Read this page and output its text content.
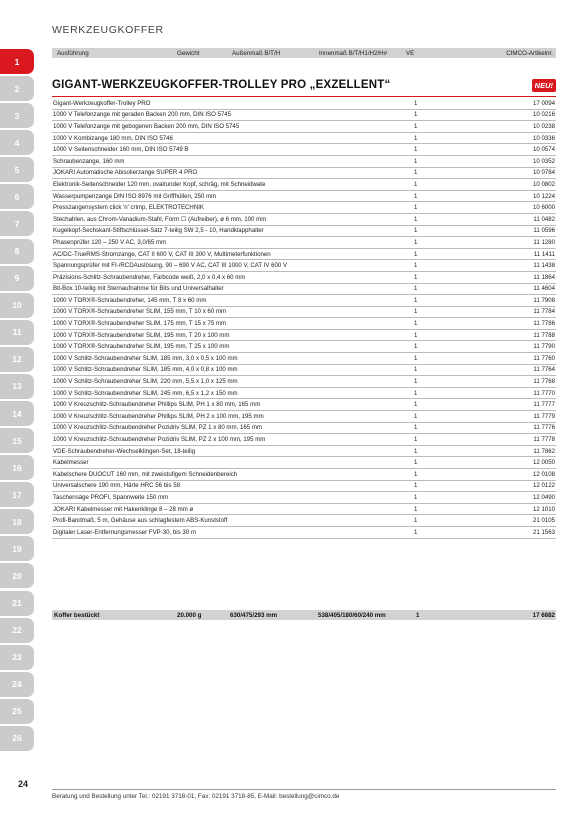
WERKZEUGKOFFER
1
2
3
4
5
6
7
8
9
10
11
12
13
14
15
16
17
18
19
20
21
22
23
24
25
26
Ausführung	Gewicht	Außenmaß B/T/H	Innenmaß B/T/H1/H2/H#	VE	CIMCO-Artikelnr.
GIGANT-WERKZEUGKOFFER-TROLLEY PRO „EXZELLENT“	NEU!
Gigant-Werkzeugkoffer-Trolley PRO	1	17 0094
1000 V Telefonzange mit geraden Backen 200 mm, DIN ISO 5745	1	10 0216
1000 V Telefonzange mit gebogenen Backen 200 mm, DIN ISO 5745	1	10 0238
1000 V Kombizange 180 mm, DIN ISO 5746	1	10 0336
1000 V Seitenschneider 160 mm, DIN ISO 5749 B	1	10 0574
Schraubenzange, 160 mm	1	10 0352
JOKARI Automatische Abisolierzange SUPER 4 PRO	1	10 0784
Elektronik-Seitenschneider 120 mm, ovalrunder Kopf, schräg, mit Schneidwate	1	10 0802
Wasserpumpenzange DIN ISO 8976 mit Griffhüllen, 250 mm	1	10 1224
Presszangensystem click 'n' crimp, ELEKTROTECHNIK	1	10 6000
Stechahlen, aus Chrom-Vanadium-Stahl, Form ☐ (Aufreiber), ø 6 mm, 100 mm	1	11 0482
Kugelkopf-Sechskant-Stiftschlüssel-Satz 7-teilig SW 2,5 - 10, Handklapphalter	1	11 0596
Phasenprüfer 120 – 250 V AC, 3,0/65 mm	1	11 1280
AC/DC-TrueRMS-Stromzange, CAT II 600 V, CAT III 300 V, Multimeterfunktionen	1	11 1411
Spannungsprüfer mit FI-/RCDAuslösung, 90 – 690 V AC, CAT III 1000 V, CAT IV 600 V	1	11 1438
Präzisions-Schlitz-Schraubendreher, Farbcode weiß, 2,0 x 0,4 x 60 mm	1	11 1864
Bit-Box 10-teilig mit Sternaufnahme für Bits und Universalhalter	1	11 4604
1000 V TORX®-Schraubendreher, 145 mm, T 8 x 60 mm	1	11 7908
1000 V TORX®-Schraubendreher SLIM, 155 mm, T 10 x 60 mm	1	11 7784
1000 V TORX®-Schraubendreher SLIM, 175 mm, T 15 x 75 mm	1	11 7786
1000 V TORX®-Schraubendreher SLIM, 195 mm, T 20 x 100 mm	1	11 7788
1000 V TORX®-Schraubendreher SLIM, 195 mm, T 25 x 100 mm	1	11 7790
1000 V Schlitz-Schraubendreher SLIM, 185 mm, 3,0 x 0,5 x 100 mm	1	11 7760
1000 V Schlitz-Schraubendreher SLIM, 185 mm, 4,0 x 0,8 x 100 mm	1	11 7764
1000 V Schlitz-Schraubendreher SLIM, 220 mm, 5,5 x 1,0 x 125 mm	1	11 7768
1000 V Schlitz-Schraubendreher SLIM, 245 mm, 6,5 x 1,2 x 150 mm	1	11 7770
1000 V Kreuzschlitz-Schraubendreher Phillips SLIM, PH 1 x 80 mm, 165 mm	1	11 7777
1000 V Kreuzschlitz-Schraubendreher Phillips SLIM, PH 2 x 100 mm, 195 mm	1	11 7779
1000 V Kreuzschlitz-Schraubendreher Pozidriv SLIM, PZ 1 x 80 mm, 165 mm	1	11 7776
1000 V Kreuzschlitz-Schraubendreher Pozidriv SLIM, PZ 2 x 100 mm, 195 mm	1	11 7778
VDE-Schraubendreher-Wechselklingen-Set, 18-teilig	1	11 7862
Kabelmesser	1	12 0050
Kabelschere DUOCUT 160 mm, mit zweistufigem Schneidenbereich	1	12 0108
Universalschere 190 mm, Härte HRC 56 bis 58	1	12 0122
Taschensäge PROFI, Spannweite 150 mm	1	12 0490
JOKARI Kabelmesser mit Hakenklinge 8 – 28 mm ø	1	12 1010
Profi-Bandmaß, 5 m, Gehäuse aus schlagfestem ABS-Kunststoff	1	21 0105
Digitaler Laser-Entfernungsmesser FVP-30, bis 30 m	1	21 1563
Koffer bestückt	20.000 g	630/475/293 mm	538/405/180/60/240 mm	1	17 6882
24
Beratung und Bestellung unter Tel.: 02191 3718-01, Fax: 02191 3718-85, E-Mail: bestellung@cimco.de
